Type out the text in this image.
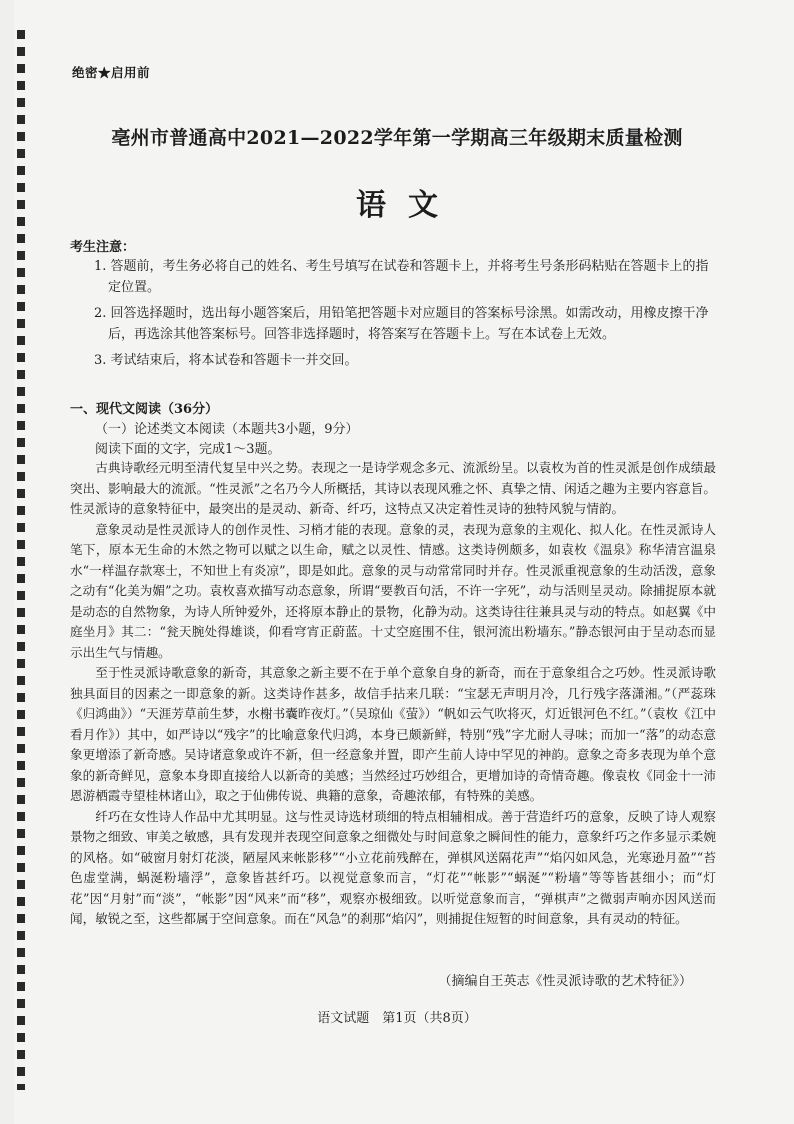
绝密★启用前
亳州市普通高中2021—2022学年第一学期高三年级期末质量检测
语文
考生注意：
1. 答题前，考生务必将自己的姓名、考生号填写在试卷和答题卡上，并将考生号条形码粘贴在答题卡上的指定位置。
2. 回答选择题时，选出每小题答案后，用铅笔把答题卡对应题目的答案标号涂黑。如需改动，用橡皮擦干净后，再选涂其他答案标号。回答非选择题时，将答案写在答题卡上。写在本试卷上无效。
3. 考试结束后，将本试卷和答题卡一并交回。
一、现代文阅读（36分）
（一）论述类文本阅读（本题共3小题，9分）
阅读下面的文字，完成1～3题。

古典诗歌经元明至清代复呈中兴之势。表现之一是诗学观念多元、流派纷呈。以袁枚为首的性灵派是创作成绩最突出、影响最大的流派。“性灵派”之名乃今人所概括，其诗以表现风雅之怀、真挚之情、闲适之趣为主要内容意旨。性灵派诗的意象特征中，最突出的是灵动、新奇、纤巧，这特点又决定着性灵诗的独特风貌与情韵。

意象灵动是性灵派诗人的创作灵性、习梢才能的表现。意象的灵，表现为意象的主观化、拟人化。在性灵派诗人笔下，原本无生命的木然之物可以赋之以生命，赋之以灵性、情感。这类诗例颇多，如袁枚《温泉》称华清宫温泉水“一样温存款寒士，不知世上有炎凉”，即是如此。意象的灵与动常常同时并存。性灵派重视意象的生动活泼，意象之动有“化美为媚”之功。袁枚喜欢描写动态意象，所谓“要教百句活，不许一字死”，动与活则呈灵动。除捕捉原本就是动态的自然物象，为诗人所钟爱外，还将原本静止的景物，化静为动。这类诗往往兼具灵与动的特点。如赵翼《中庭坐月》其二：“瓮天腕处得雄谈，仰看穹宵正蔚蓝。十丈空庭围不住，银河流出粉墙东。”静态银河由于呈动态而显示出生气与情趣。

至于性灵派诗歌意象的新奇，其意象之新主要不在于单个意象自身的新奇，而在于意象组合之巧妙。性灵派诗歌独具面目的因素之一即意象的新。这类诗作甚多，故信手拈来几联：“宝瑟无声明月冷，几行残字落潇湘。”（严蕊珠《归鸿曲》）“天涯芳草前生梦，水榭书囊昨夜灯。”（吴琼仙《萤》）“帆如云气吹将灭，灯近银河色不红。”（袁枚《江中看月作》）其中，如严诗以“残字”的比喻意象代归鸿，本身已颇新鲜，特别“残”字尤耐人寻味；而加一“落”的动态意象更增添了新奇感。吴诗诸意象或许不新，但一经意象并置，即产生前人诗中罕见的神韵。意象之奇多表现为单个意象的新奇鲜见，意象本身即直接给人以新奇的美感；当然经过巧妙组合，更增加诗的奇情奇趣。像袁枚《同金十一沛恩游栖霞寺望桂林诸山》，取之于仙佛传说、典籍的意象，奇趣浓郁，有特殊的美感。

纤巧在女性诗人作品中尤其明显。这与性灵诗选材琐细的特点相辅相成。善于营造纤巧的意象，反映了诗人观察景物之细致、审美之敏感，具有发现并表现空间意象之细微处与时间意象之瞬间性的能力，意象纤巧之作多显示柔婉的风格。如“破窗月射灯花淡，陋屋风来帐影移”“小立花前残醉在，弹棋风送隔花声”“焰闪如风急，光寒逊月盈”“苔色虚堂满，蜗涎粉墙浮”，意象皆甚纤巧。以视觉意象而言，“灯花”“帐影”“蜗涎”“粉墙”等等皆甚细小；而“灯花”因“月射”而“淡”，“帐影”因“风来”而“移”，观察亦极细致。以听觉意象而言，“弹棋声”之微弱声响亦因风送而闻，敏锐之至，这些都属于空间意象。而在“风急”的刹那“焰闪”，则捕捉住短暂的时间意象，具有灵动的特征。

（摘编自王英志《性灵派诗歌的艺术特征》）
语文试题　第1页（共8页）
